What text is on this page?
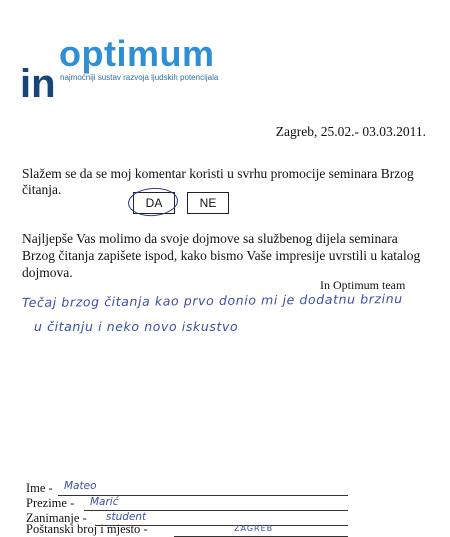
optimum
in najmoćniji sustav razvoja ljudskih potencijala
Zagreb, 25.02.- 03.03.2011.
Slažem se da se moj komentar koristi u svrhu promocije seminara Brzog čitanja.
DA	NE
Najljepše Vas molimo da svoje dojmove sa službenog dijela seminara Brzog čitanja zapišete ispod, kako bismo Vaše impresije uvrstili u katalog dojmova.
In Optimum team
Tečaj brzog čitanja kao prvo donio mi je dodatnu brzinu
u čitanju i neko novo iskustvo
Ime - Mateo
Prezime - Marić
Zanimanje - student
Poštanski broj i mjesto -	ZAGREB
